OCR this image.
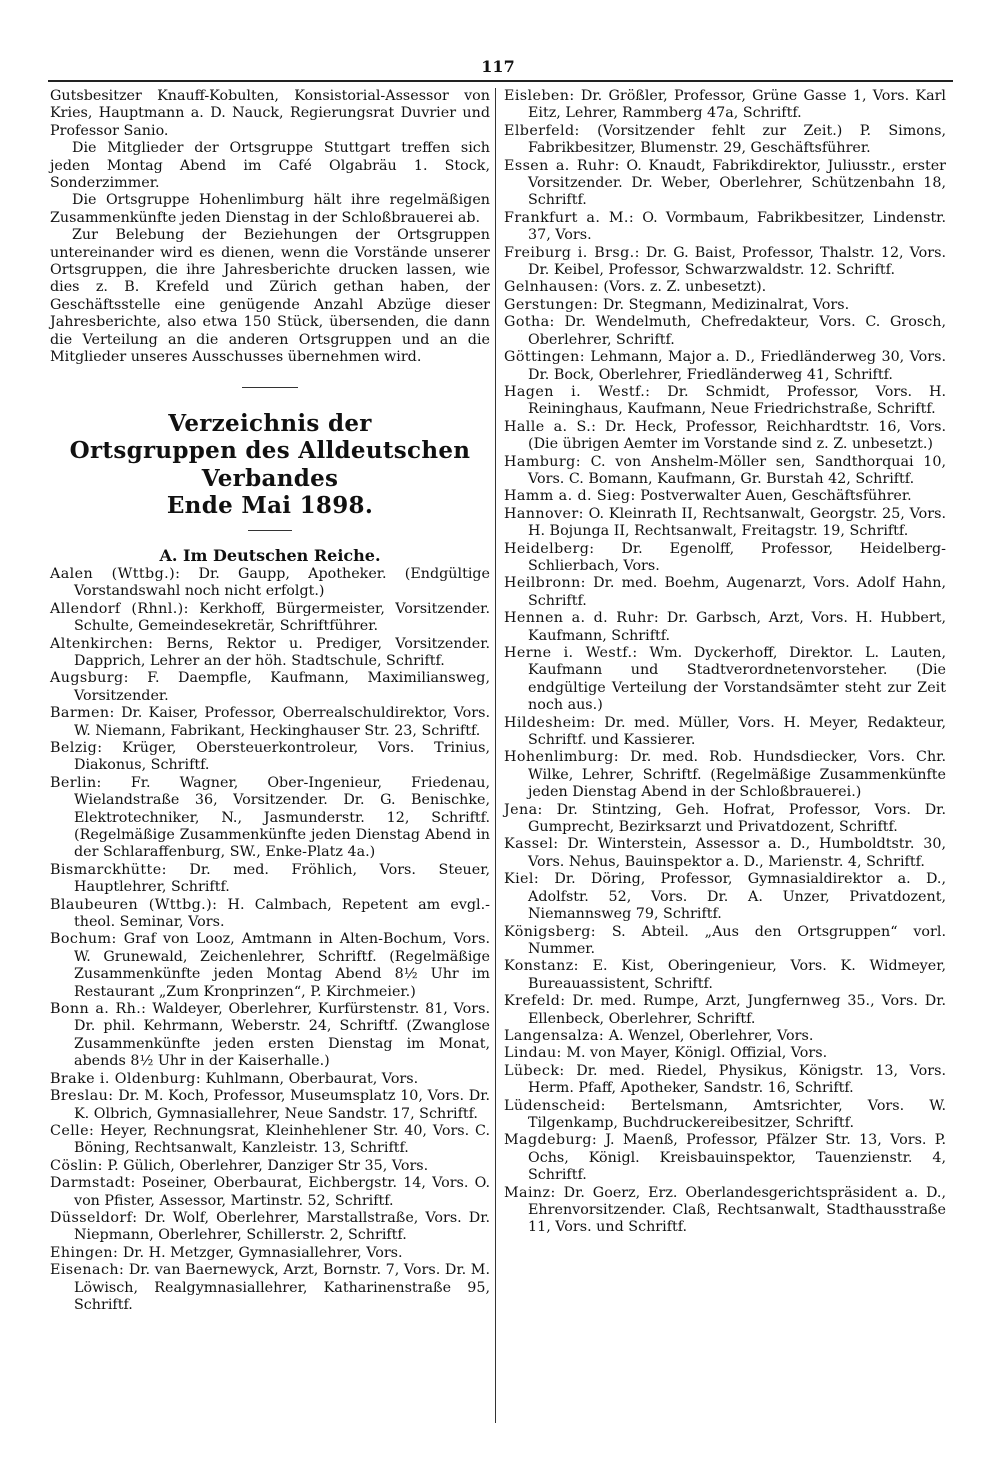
117

Gutsbesitzer Knauff-Kobulten, Konsistorial-Assessor von Kries, Hauptmann a. D. Nauck, Regierungsrat Duvrier und Professor Sanio.

Die Mitglieder der Ortsgruppe Stuttgart treffen sich jeden Montag Abend im Café Olgabräu 1. Stock, Sonderzimmer.

Die Ortsgruppe Hohenlimburg hält ihre regelmäßigen Zusammenkünfte jeden Dienstag in der Schloßbrauerei ab.

Zur Belebung der Beziehungen der Ortsgruppen untereinander wird es dienen, wenn die Vorstände unserer Ortsgruppen, die ihre Jahresberichte drucken lassen, wie dies z. B. Krefeld und Zürich gethan haben, der Geschäftsstelle eine genügende Anzahl Abzüge dieser Jahresberichte, also etwa 150 Stück, übersenden, die dann die Verteilung an die anderen Ortsgruppen und an die Mitglieder unseres Ausschusses übernehmen wird.

Verzeichnis der

Ortsgruppen des Alldeutschen Verbandes

Ende Mai 1898.

A. Im Deutschen Reiche.

Aalen (Wttbg.): Dr. Gaupp, Apotheker. (Endgültige Vorstandswahl noch nicht erfolgt.)

Allendorf (Rhnl.): Kerkhoff, Bürgermeister, Vorsitzender. Schulte, Gemeindesekretär, Schriftführer.

Altenkirchen: Berns, Rektor u. Prediger, Vorsitzender. Dapprich, Lehrer an der höh. Stadtschule, Schriftf.

Augsburg: F. Daempfle, Kaufmann, Maximiliansweg, Vorsitzender.

Barmen: Dr. Kaiser, Professor, Oberrealschuldirektor, Vors. W. Niemann, Fabrikant, Heckinghauser Str. 23, Schriftf.

Belzig: Krüger, Obersteuerkontroleur, Vors. Trinius, Diakonus, Schriftf.

Berlin: Fr. Wagner, Ober-Ingenieur, Friedenau, Wielandstraße 36, Vorsitzender. Dr. G. Benischke, Elektrotechniker, N., Jasmunderstr. 12, Schriftf. (Regelmäßige Zusammenkünfte jeden Dienstag Abend in der Schlaraffenburg, SW., Enke-Platz 4a.)

Bismarckhütte: Dr. med. Fröhlich, Vors. Steuer, Hauptlehrer, Schriftf.

Blaubeuren (Wttbg.): H. Calmbach, Repetent am evgl.-theol. Seminar, Vors.

Bochum: Graf von Looz, Amtmann in Alten-Bochum, Vors. W. Grunewald, Zeichenlehrer, Schriftf. (Regelmäßige Zusammenkünfte jeden Montag Abend 8½ Uhr im Restaurant „Zum Kronprinzen“, P. Kirchmeier.)

Bonn a. Rh.: Waldeyer, Oberlehrer, Kurfürstenstr. 81, Vors. Dr. phil. Kehrmann, Weberstr. 24, Schriftf. (Zwanglose Zusammenkünfte jeden ersten Dienstag im Monat, abends 8½ Uhr in der Kaiserhalle.)

Brake i. Oldenburg: Kuhlmann, Oberbaurat, Vors.

Breslau: Dr. M. Koch, Professor, Museumsplatz 10, Vors. Dr. K. Olbrich, Gymnasiallehrer, Neue Sandstr. 17, Schriftf.

Celle: Heyer, Rechnungsrat, Kleinhehlener Str. 40, Vors. C. Böning, Rechtsanwalt, Kanzleistr. 13, Schriftf.

Cöslin: P. Gülich, Oberlehrer, Danziger Str 35, Vors.

Darmstadt: Poseiner, Oberbaurat, Eichbergstr. 14, Vors. O. von Pfister, Assessor, Martinstr. 52, Schriftf.

Düsseldorf: Dr. Wolf, Oberlehrer, Marstallstraße, Vors. Dr. Niepmann, Oberlehrer, Schillerstr. 2, Schriftf.

Ehingen: Dr. H. Metzger, Gymnasiallehrer, Vors.

Eisenach: Dr. van Baernewyck, Arzt, Bornstr. 7, Vors. Dr. M. Löwisch, Realgymnasiallehrer, Katharinenstraße 95, Schriftf.

Eisleben: Dr. Größler, Professor, Grüne Gasse 1, Vors. Karl Eitz, Lehrer, Rammberg 47a, Schriftf.

Elberfeld: (Vorsitzender fehlt zur Zeit.) P. Simons, Fabrikbesitzer, Blumenstr. 29, Geschäftsführer.

Essen a. Ruhr: O. Knaudt, Fabrikdirektor, Juliusstr., erster Vorsitzender. Dr. Weber, Oberlehrer, Schützenbahn 18, Schriftf.

Frankfurt a. M.: O. Vormbaum, Fabrikbesitzer, Lindenstr. 37, Vors.

Freiburg i. Brsg.: Dr. G. Baist, Professor, Thalstr. 12, Vors. Dr. Keibel, Professor, Schwarzwaldstr. 12. Schriftf.

Gelnhausen: (Vors. z. Z. unbesetzt).

Gerstungen: Dr. Stegmann, Medizinalrat, Vors.

Gotha: Dr. Wendelmuth, Chefredakteur, Vors. C. Grosch, Oberlehrer, Schriftf.

Göttingen: Lehmann, Major a. D., Friedländerweg 30, Vors. Dr. Bock, Oberlehrer, Friedländerweg 41, Schriftf.

Hagen i. Westf.: Dr. Schmidt, Professor, Vors. H. Reininghaus, Kaufmann, Neue Friedrichstraße, Schriftf.

Halle a. S.: Dr. Heck, Professor, Reichhardtstr. 16, Vors. (Die übrigen Aemter im Vorstande sind z. Z. unbesetzt.)

Hamburg: C. von Anshelm-Möller sen, Sandthorquai 10, Vors. C. Bomann, Kaufmann, Gr. Burstah 42, Schriftf.

Hamm a. d. Sieg: Postverwalter Auen, Geschäftsführer.

Hannover: O. Kleinrath II, Rechtsanwalt, Georgstr. 25, Vors. H. Bojunga II, Rechtsanwalt, Freitagstr. 19, Schriftf.

Heidelberg: Dr. Egenolff, Professor, Heidelberg-Schlierbach, Vors.

Heilbronn: Dr. med. Boehm, Augenarzt, Vors. Adolf Hahn, Schriftf.

Hennen a. d. Ruhr: Dr. Garbsch, Arzt, Vors. H. Hubbert, Kaufmann, Schriftf.

Herne i. Westf.: Wm. Dyckerhoff, Direktor. L. Lauten, Kaufmann und Stadtverordnetenvorsteher. (Die endgültige Verteilung der Vorstandsämter steht zur Zeit noch aus.)

Hildesheim: Dr. med. Müller, Vors. H. Meyer, Redakteur, Schriftf. und Kassierer.

Hohenlimburg: Dr. med. Rob. Hundsdiecker, Vors. Chr. Wilke, Lehrer, Schriftf. (Regelmäßige Zusammenkünfte jeden Dienstag Abend in der Schloßbrauerei.)

Jena: Dr. Stintzing, Geh. Hofrat, Professor, Vors. Dr. Gumprecht, Bezirksarzt und Privatdozent, Schriftf.

Kassel: Dr. Winterstein, Assessor a. D., Humboldtstr. 30, Vors. Nehus, Bauinspektor a. D., Marienstr. 4, Schriftf.

Kiel: Dr. Döring, Professor, Gymnasialdirektor a. D., Adolfstr. 52, Vors. Dr. A. Unzer, Privatdozent, Niemannsweg 79, Schriftf.

Königsberg: S. Abteil. „Aus den Ortsgruppen“ vorl. Nummer.

Konstanz: E. Kist, Oberingenieur, Vors. K. Widmeyer, Bureauassistent, Schriftf.

Krefeld: Dr. med. Rumpe, Arzt, Jungfernweg 35., Vors. Dr. Ellenbeck, Oberlehrer, Schriftf.

Langensalza: A. Wenzel, Oberlehrer, Vors.

Lindau: M. von Mayer, Königl. Offizial, Vors.

Lübeck: Dr. med. Riedel, Physikus, Königstr. 13, Vors. Herm. Pfaff, Apotheker, Sandstr. 16, Schriftf.

Lüdenscheid: Bertelsmann, Amtsrichter, Vors. W. Tilgenkamp, Buchdruckereibesitzer, Schriftf.

Magdeburg: J. Maenß, Professor, Pfälzer Str. 13, Vors. P. Ochs, Königl. Kreisbauinspektor, Tauenzienstr. 4, Schriftf.

Mainz: Dr. Goerz, Erz. Oberlandesgerichtspräsident a. D., Ehrenvorsitzender. Claß, Rechtsanwalt, Stadthausstraße 11, Vors. und Schriftf.
